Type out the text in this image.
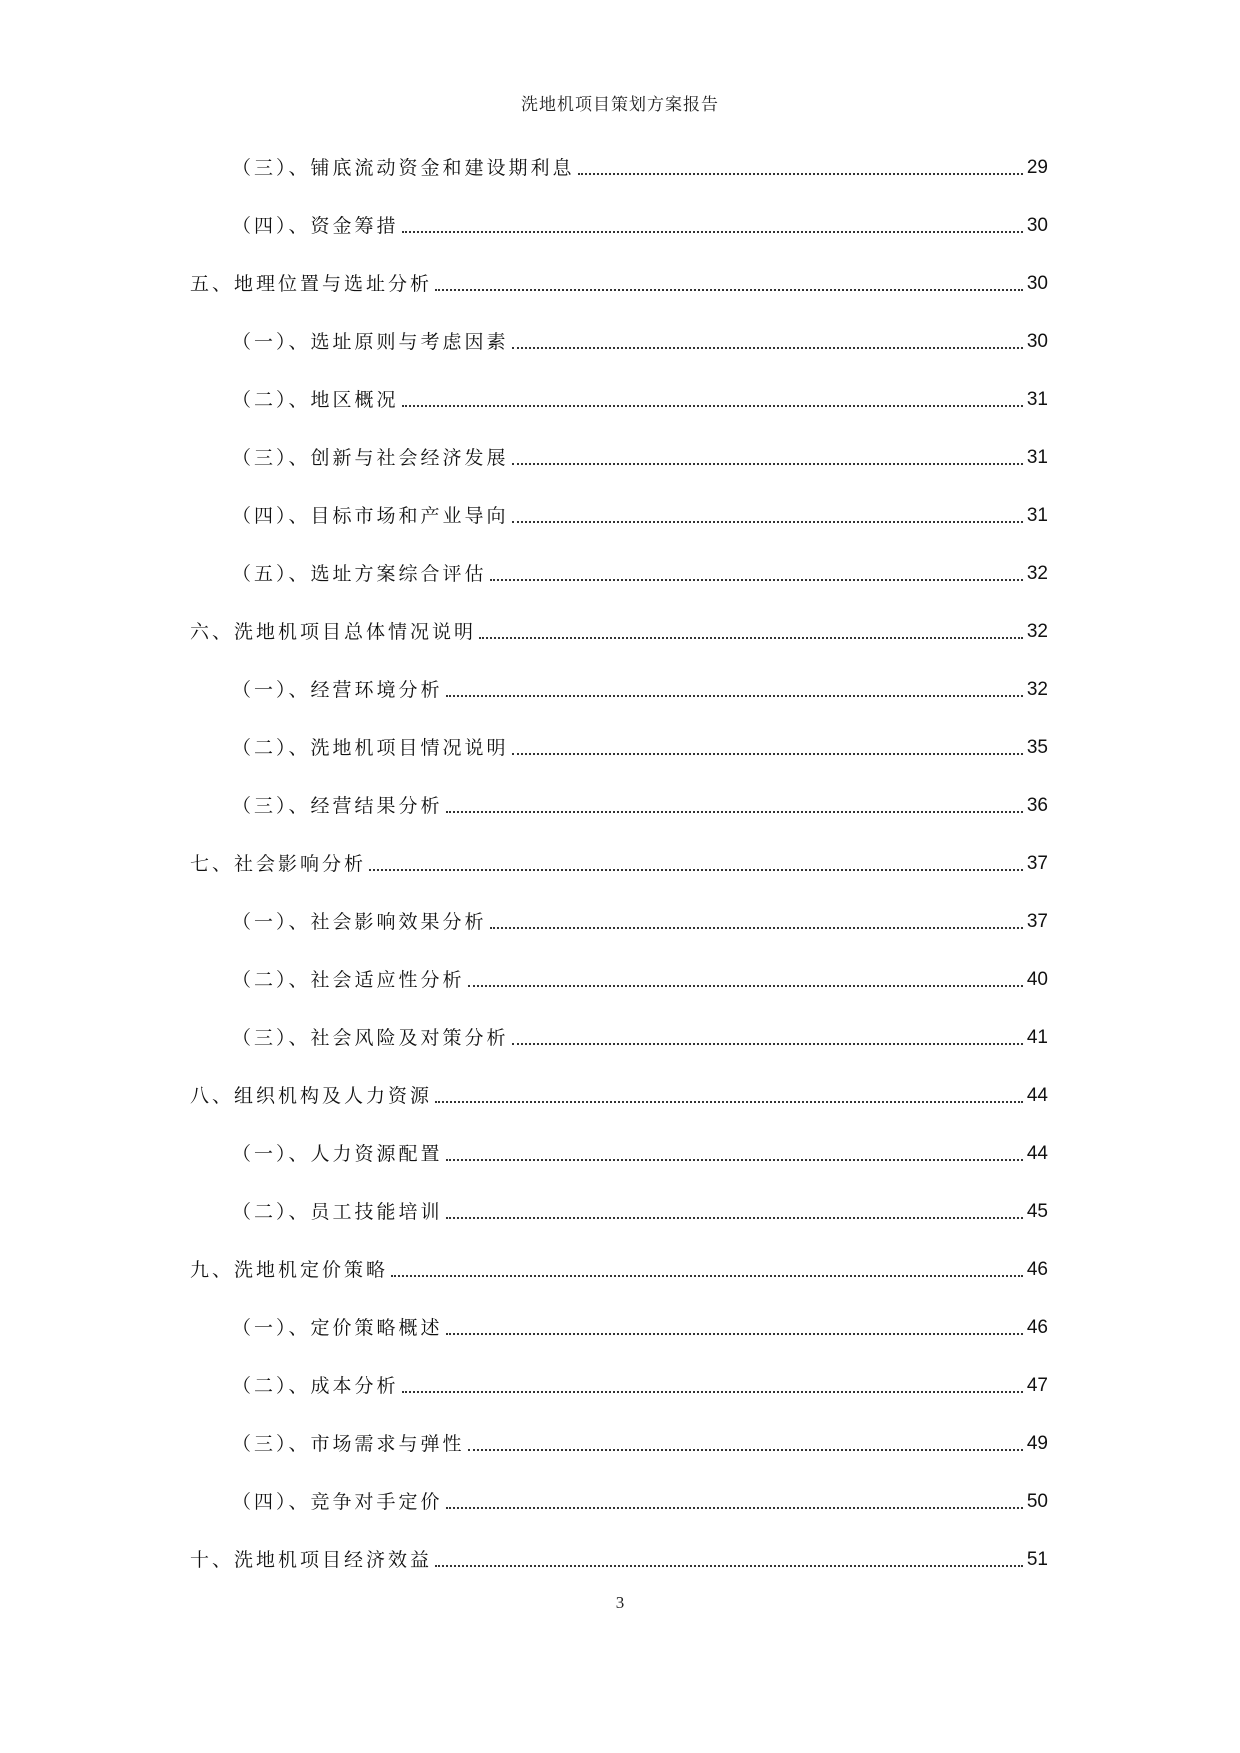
洗地机项目策划方案报告
（三）、铺底流动资金和建设期利息	29
（四）、资金筹措	30
五、地理位置与选址分析	30
（一）、选址原则与考虑因素	30
（二）、地区概况	31
（三）、创新与社会经济发展	31
（四）、目标市场和产业导向	31
（五）、选址方案综合评估	32
六、洗地机项目总体情况说明	32
（一）、经营环境分析	32
（二）、洗地机项目情况说明	35
（三）、经营结果分析	36
七、社会影响分析	37
（一）、社会影响效果分析	37
（二）、社会适应性分析	40
（三）、社会风险及对策分析	41
八、组织机构及人力资源	44
（一）、人力资源配置	44
（二）、员工技能培训	45
九、洗地机定价策略	46
（一）、定价策略概述	46
（二）、成本分析	47
（三）、市场需求与弹性	49
（四）、竞争对手定价	50
十、洗地机项目经济效益	51
3
